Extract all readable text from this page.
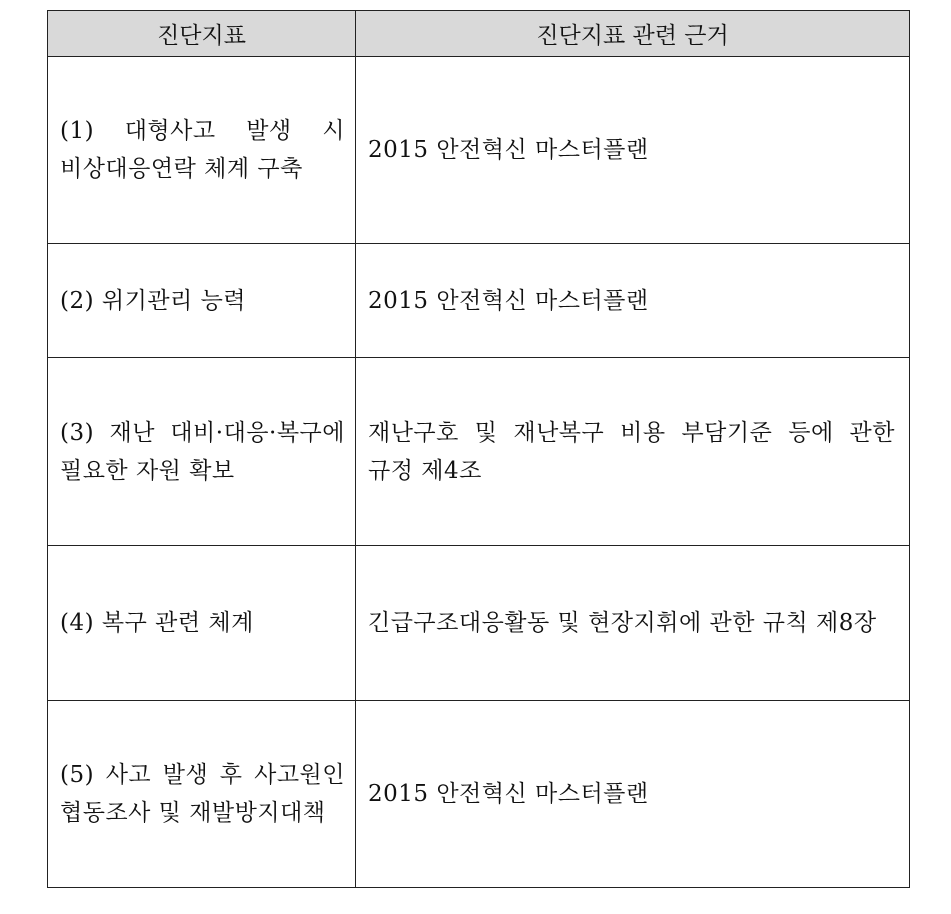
진단지표	진단지표 관련 근거
(1) 대형사고 발생 시 비상대응연락 체계 구축	2015 안전혁신 마스터플랜
(2) 위기관리 능력	2015 안전혁신 마스터플랜
(3) 재난 대비·대응·복구에 필요한 자원 확보	재난구호 및 재난복구 비용 부담기준 등에 관한 규정 제4조
(4) 복구 관련 체계	긴급구조대응활동 및 현장지휘에 관한 규칙 제8장
(5) 사고 발생 후 사고원인 협동조사 및 재발방지대책	2015 안전혁신 마스터플랜
